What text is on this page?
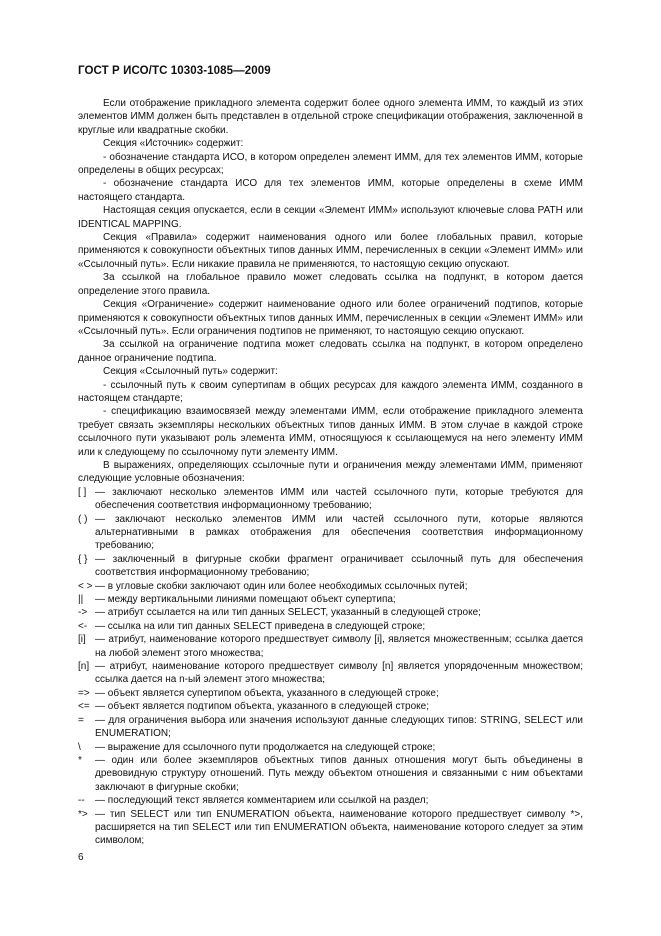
ГОСТ Р ИСО/ТС 10303-1085—2009

Если отображение прикладного элемента содержит более одного элемента ИММ, то каждый из этих элементов ИММ должен быть представлен в отдельной строке спецификации отображения, заключенной в круглые или квадратные скобки.

Секция «Источник» содержит:

- обозначение стандарта ИСО, в котором определен элемент ИММ, для тех элементов ИММ, которые определены в общих ресурсах;

- обозначение стандарта ИСО для тех элементов ИММ, которые определены в схеме ИММ настоящего стандарта.

Настоящая секция опускается, если в секции «Элемент ИММ» используют ключевые слова PATH или IDENTICAL MAPPING.

Секция «Правила» содержит наименования одного или более глобальных правил, которые применяются к совокупности объектных типов данных ИММ, перечисленных в секции «Элемент ИММ» или «Ссылочный путь». Если никакие правила не применяются, то настоящую секцию опускают.

За ссылкой на глобальное правило может следовать ссылка на подпункт, в котором дается определение этого правила.

Секция «Ограничение» содержит наименование одного или более ограничений подтипов, которые применяются к совокупности объектных типов данных ИММ, перечисленных в секции «Элемент ИММ» или «Ссылочный путь». Если ограничения подтипов не применяют, то настоящую секцию опускают.

За ссылкой на ограничение подтипа может следовать ссылка на подпункт, в котором определено данное ограничение подтипа.

Секция «Ссылочный путь» содержит:

- ссылочный путь к своим супертипам в общих ресурсах для каждого элемента ИММ, созданного в настоящем стандарте;

- спецификацию взаимосвязей между элементами ИММ, если отображение прикладного элемента требует связать экземпляры нескольких объектных типов данных ИММ. В этом случае в каждой строке ссылочного пути указывают роль элемента ИММ, относящуюся к ссылающемуся на него элементу ИММ или к следующему по ссылочному пути элементу ИММ.

В выражениях, определяющих ссылочные пути и ограничения между элементами ИММ, применяют следующие условные обозначения:

[ ] — заключают несколько элементов ИММ или частей ссылочного пути, которые требуются для обеспечения соответствия информационному требованию;
( ) — заключают несколько элементов ИММ или частей ссылочного пути, которые являются альтернативными в рамках отображения для обеспечения соответствия информационному требованию;
{ } — заключенный в фигурные скобки фрагмент ограничивает ссылочный путь для обеспечения соответствия информационному требованию;
< > — в угловые скобки заключают один или более необходимых ссылочных путей;
||	— между вертикальными линиями помещают объект супертипа;
-> — атрибут ссылается на или тип данных SELECT, указанный в следующей строке;
<- — ссылка на или тип данных SELECT приведена в следующей строке;
[i] — атрибут, наименование которого предшествует символу [i], является множественным; ссылка дается на любой элемент этого множества;
[n] — атрибут, наименование которого предшествует символу [n] является упорядоченным множеством; ссылка дается на n-ый элемент этого множества;
=> — объект является супертипом объекта, указанного в следующей строке;
<= — объект является подтипом объекта, указанного в следующей строке;
=	— для ограничения выбора или значения используют данные следующих типов: STRING, SELECT или ENUMERATION;
\	— выражение для ссылочного пути продолжается на следующей строке;
*	— один или более экземпляров объектных типов данных отношения могут быть объединены в древовидную структуру отношений. Путь между объектом отношения и связанными с ним объектами заключают в фигурные скобки;
--	— последующий текст является комментарием или ссылкой на раздел;
*> — тип SELECT или тип ENUMERATION объекта, наименование которого предшествует символу *>, расширяется на тип SELECT или тип ENUMERATION объекта, наименование которого следует за этим символом;
6
